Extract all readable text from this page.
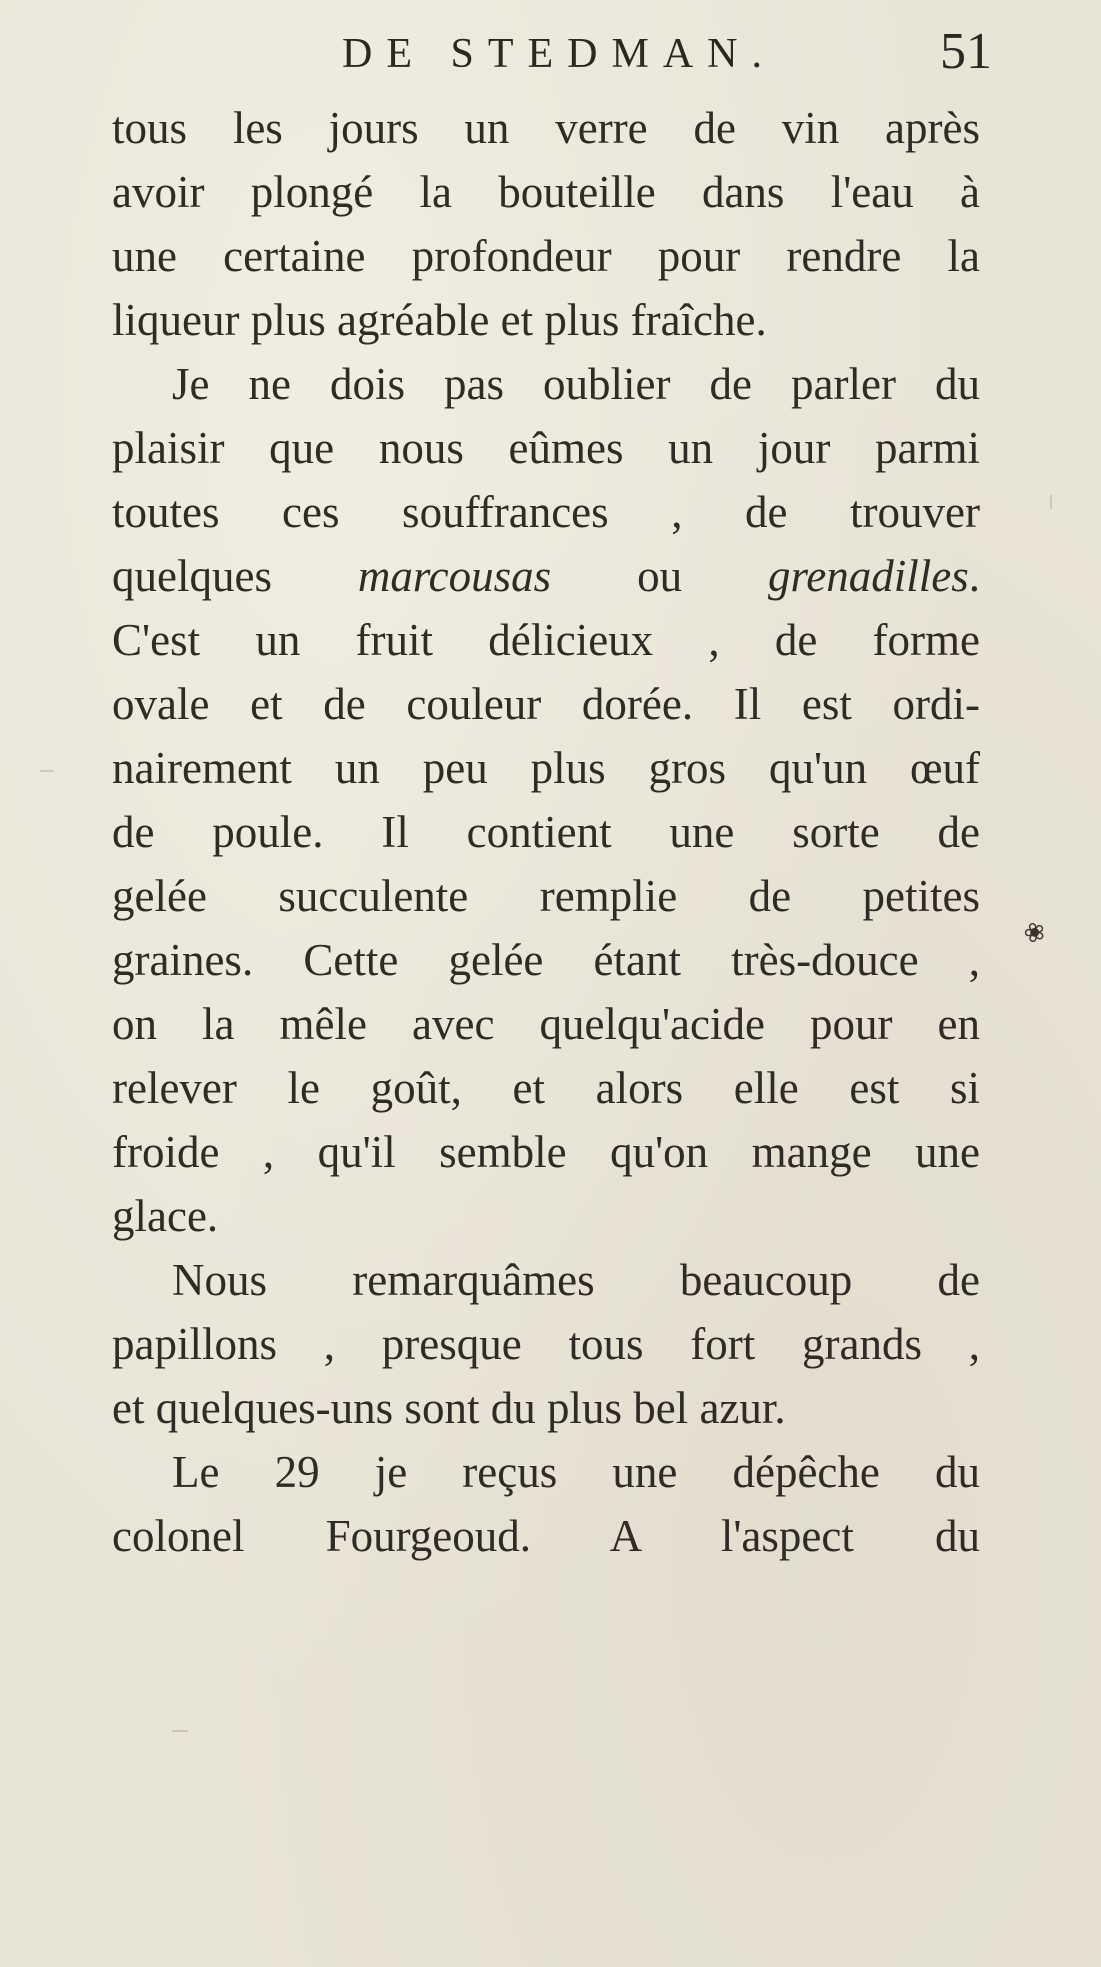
DE STEDMAN.	51
tous les jours un verre de vin après
avoir plongé la bouteille dans l'eau à
une certaine profondeur pour rendre la
liqueur plus agréable et plus fraîche.
Je ne dois pas oublier de parler du
plaisir que nous eûmes un jour parmi
toutes ces souffrances , de trouver
quelques marcousas ou grenadilles.
C'est un fruit délicieux , de forme
ovale et de couleur dorée. Il est ordi-
nairement un peu plus gros qu'un œuf
de poule. Il contient une sorte de
gelée succulente remplie de petites
graines. Cette gelée étant très-douce ,
on la mêle avec quelqu'acide pour en
relever le goût, et alors elle est si
froide , qu'il semble qu'on mange une
glace.
Nous remarquâmes beaucoup de
papillons , presque tous fort grands ,
et quelques-uns sont du plus bel azur.
Le 29 je reçus une dépêche du
colonel Fourgeoud. A l'aspect du
❀
